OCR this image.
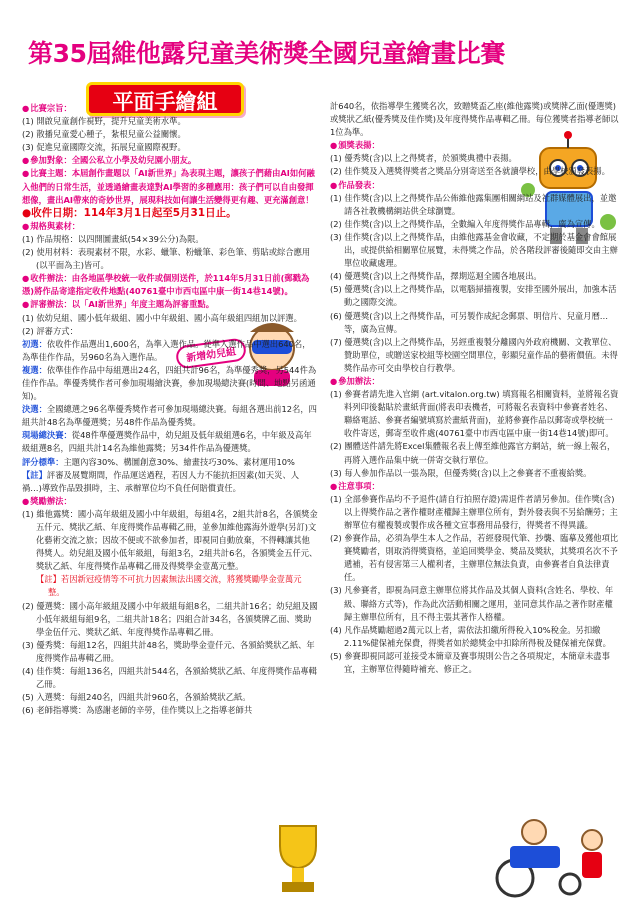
第35屆維他露兒童美術獎全國兒童繪畫比賽
平面手繪組
新增幼兒組
● 比賽宗旨：
(1) 開啟兒童創作視野，提升兒童美術水準。
(2) 散播兒童愛心種子，紮根兒童公益關懷。
(3) 促進兒童國際交流，拓展兒童國際視野。
● 參加對象：全國公私立小學及幼兒園小朋友。
● 比賽主題：本屆創作畫題以「AI新世界」為表現主題，讓孩子們藉由AI如何融入他們的日常生活，並透過繪畫表達對AI學習的多種應用：孩子們可以自由發揮想像，畫出AI帶來的奇妙世界，展現科技如何讓生活變得更有趣、更充滿創意！
●收件日期：114年3月1日起至5月31日止。
● 規格與素材：
(1) 作品規格：以四開圖畫紙(54×39公分)為限。
(2) 使用材料：表現素材不限，水彩、蠟筆、粉蠟筆、彩色筆、剪貼或綜合應用(以平面為主)皆可。
● 收件辦法：由各地區學校統一收件或個別送件，於114年5月31日前(郵戳為憑)將作品寄達指定收件地點(40761臺中市西屯區中康一街14巷14號)。
● 評審辦法：以「AI新世界」年度主題為評審重點。
(1) 依幼兒組、國小低年級組、國小中年級組、國小高年級組四組加以評選。
(2) 評審方式：
初選：依收件作品選出1,600名，為準入選作品。從準入選作品中選出640名，為準佳作作品，另960名為入選作品。
複選：依準佳作作品中每組選出24名，四組共計96名，為準優秀獎，另544件為佳作作品。準優秀獎作者可參加現場繪決賽，參加現場總決賽(時間、地點另函通知)。
決選：全國總選之96名準優秀獎作者可參加現場總決賽。每組各選出前12名，四組共計48名為準優選獎；另48件作品為優秀獎。
現場總決賽：從48件準優選獎作品中，幼兒組及低年級組選6名，中年級及高年級組選8名，四組共計14名為維他露獎；另34件作品為優選獎。
評分標準：主題內容30%、構圖創意30%、繪畫技巧30%、素材運用10%
【註】評審及展覽期間，作品運送過程，若因人力不能抗拒因素(如天災、人禍…)導致作品毀損時，主、承辦單位均不負任何賠償責任。
● 獎勵辦法：
(1) 維他露獎：國小高年級組及國小中年級組，每組4名，2組共計8名，各頒獎金五仟元、獎狀乙紙、年度得獎作品專輯乙冊，並參加維他露海外遊學(另訂)文化藝術交流之旅；因故不便或不欲參加者，即視同自動放棄，不得轉讓其他得獎人。幼兒組及國小低年級組，每組3名，2組共計6名，各頒獎金五仟元、獎狀乙紙、年度得獎作品專輯乙冊及得獎學金壹萬元整。
【註】若因新冠疫情等不可抗力因素無法出國交流，將獲獎勵學金壹萬元整。
(2) 優選獎：國小高年級組及國小中年級組每組8名，二組共計16名；幼兒組及國小低年級組每組9名，二組共計18名；四組合計34名，各頒獎牌乙面、獎助學金伍仟元、獎狀乙紙、年度得獎作品專輯乙冊。
(3) 優秀獎：每組12名，四組共計48名，獎助學金壹仟元、各頒給獎狀乙紙、年度得獎作品專輯乙冊。
(4) 佳作獎：每組136名，四組共計544名，各頒給獎狀乙紙、年度得獎作品專輯乙冊。
(5) 入選獎：每組240名，四組共計960名，各頒給獎狀乙紙。
(6) 老師指導獎：為感謝老師的辛勞，佳作獎以上之指導老師共
計640名，依指導學生獲獎名次，致贈獎盃乙座(維他露獎)或獎牌乙面(優選獎)或獎狀乙紙(優秀獎及佳作獎)及年度得獎作品專輯乙冊。每位獲獎者指導老師以1位為準。
● 頒獎表揚：
(1) 優秀獎(含)以上之得獎者，於頒獎典禮中表揚。
(2) 佳作獎及入選獎得獎者之獎品分別寄送至各就讀學校，由學校頒發表揚。
● 作品發表：
(1) 佳作獎(含)以上之得獎作品公佈維他露集團相關網站及社群媒體展出，並邀請各社教機構網站供全球瀏覽。
(2) 佳作獎(含)以上之得獎作品，全數編入年度得獎作品專輯，廣為宣傳。
(3) 佳作獎(含)以上之得獎作品，由維他露基金會收藏，不定期於基金會會館展出，或提供給相關單位展覽，未得獎之作品，於各階段評審後隨即交由主辦單位收藏處理。
(4) 優選獎(含)以上之得獎作品，擇期巡迴全國各地展出。
(5) 優選獎(含)以上之得獎作品，以電腦掃描複製，安排至國外展出，加強本活動之國際交流。
(6) 優選獎(含)以上之得獎作品，可另製作成紀念郵票、明信片、兒童月曆…等，廣為宣傳。
(7) 優選獎(含)以上之得獎作品，另經重複製分離國內外政府機關、文教單位、贊助單位，或贈送家校組等校園空間單位，彰顯兒童作品的藝術價值。未得獎作品亦可交由學校自行教學。
● 參加辦法：
(1) 參賽者請先進入官網 (art.vitalon.org.tw) 填寫報名相關資料，並將報名資料列印後黏貼於畫紙背面(將表印表機者，可將報名表資料中參賽者姓名、聯絡電話、參賽者編號填寫於畫紙背面)，並將參賽作品以郵寄或學校統一收件寄送，郵寄至收件處(40761臺中市西屯區中康一街14巷14號)即可。
(2) 團體送件請先將Excel集體報名表上傳至維他露官方網站，統一線上報名，再將入選作品集中統一併寄交執行單位。
(3) 每人參加作品以一張為限，但優秀獎(含)以上之參賽者不重複給獎。
● 注意事項：
(1) 全部參賽作品均不予退件(請自行拍照存證)需退件者請另參加。佳作獎(含)以上得獎作品之著作權財產權歸主辦單位所有，對外發表與不另給酬勞；主辦單位有權複製或製作成各種文宣事務用品發行，得獎者不得異議。
(2) 參賽作品，必須為學生本人之作品，若經發現代筆、抄襲、臨摹及獲他項比賽獎勵者，則取消得獎資格，並追回獎學金、獎品及獎狀，其獎項名次不予遞補，若有侵害第三人權利者，主辦單位無法負責，由參賽者自負法律責任。
(3) 凡參賽者，即視為同意主辦單位將其作品及其個人資料(含姓名、學校、年級、聯絡方式等)，作為此次活動相關之運用，並同意其作品之著作財產權歸主辦單位所有，且不得主張其著作人格權。
(4) 凡作品獎勵超過2萬元以上者，需依法扣繳所得稅入10%稅金。另扣繳2.11%健保補充保費，得獎者如於總獎金中扣除所得稅及健保補充保費。
(5) 參賽即視同認可並接受本簡章及賽事規則公告之各項規定，本簡章未盡事宜，主辦單位得隨時補充、修正之。
